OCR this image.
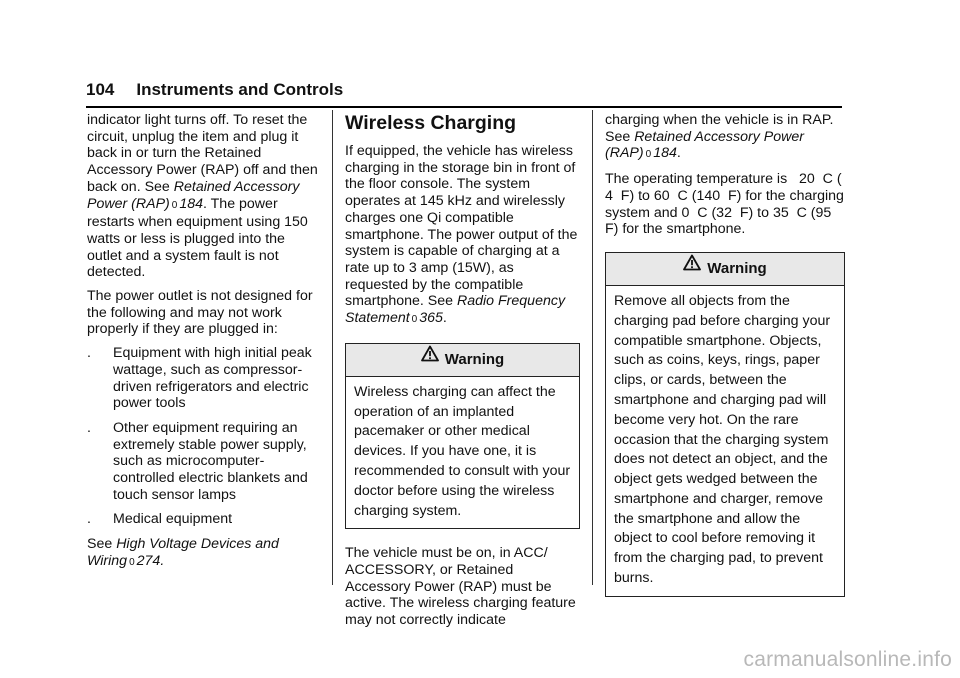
104 Instruments and Controls

indicator light turns off. To reset the circuit, unplug the item and plug it back in or turn the Retained Accessory Power (RAP) off and then back on. See Retained Accessory Power (RAP) 0 184. The power restarts when equipment using 150 watts or less is plugged into the outlet and a system fault is not detected.

The power outlet is not designed for the following and may not work properly if they are plugged in:

.	Equipment with high initial peak wattage, such as compressor-driven refrigerators and electric power tools
.	Other equipment requiring an extremely stable power supply, such as microcomputer-controlled electric blankets and touch sensor lamps
.	Medical equipment

See High Voltage Devices and Wiring 0 274.

Wireless Charging

If equipped, the vehicle has wireless charging in the storage bin in front of the floor console. The system operates at 145 kHz and wirelessly charges one Qi compatible smartphone. The power output of the system is capable of charging at a rate up to 3 amp (15W), as requested by the compatible smartphone. See Radio Frequency Statement 0 365.

Warning
Wireless charging can affect the operation of an implanted pacemaker or other medical devices. If you have one, it is recommended to consult with your doctor before using the wireless charging system.

The vehicle must be on, in ACC/ ACCESSORY, or Retained Accessory Power (RAP) must be active. The wireless charging feature may not correctly indicate

charging when the vehicle is in RAP. See Retained Accessory Power (RAP) 0 184.

The operating temperature is   20  C (  4  F) to 60  C (140  F) for the charging system and 0  C (32  F) to 35  C (95  F) for the smartphone.

Warning
Remove all objects from the charging pad before charging your compatible smartphone. Objects, such as coins, keys, rings, paper clips, or cards, between the smartphone and charging pad will become very hot. On the rare occasion that the charging system does not detect an object, and the object gets wedged between the smartphone and charger, remove the smartphone and allow the object to cool before removing it from the charging pad, to prevent burns.
carmanualsonline.info
